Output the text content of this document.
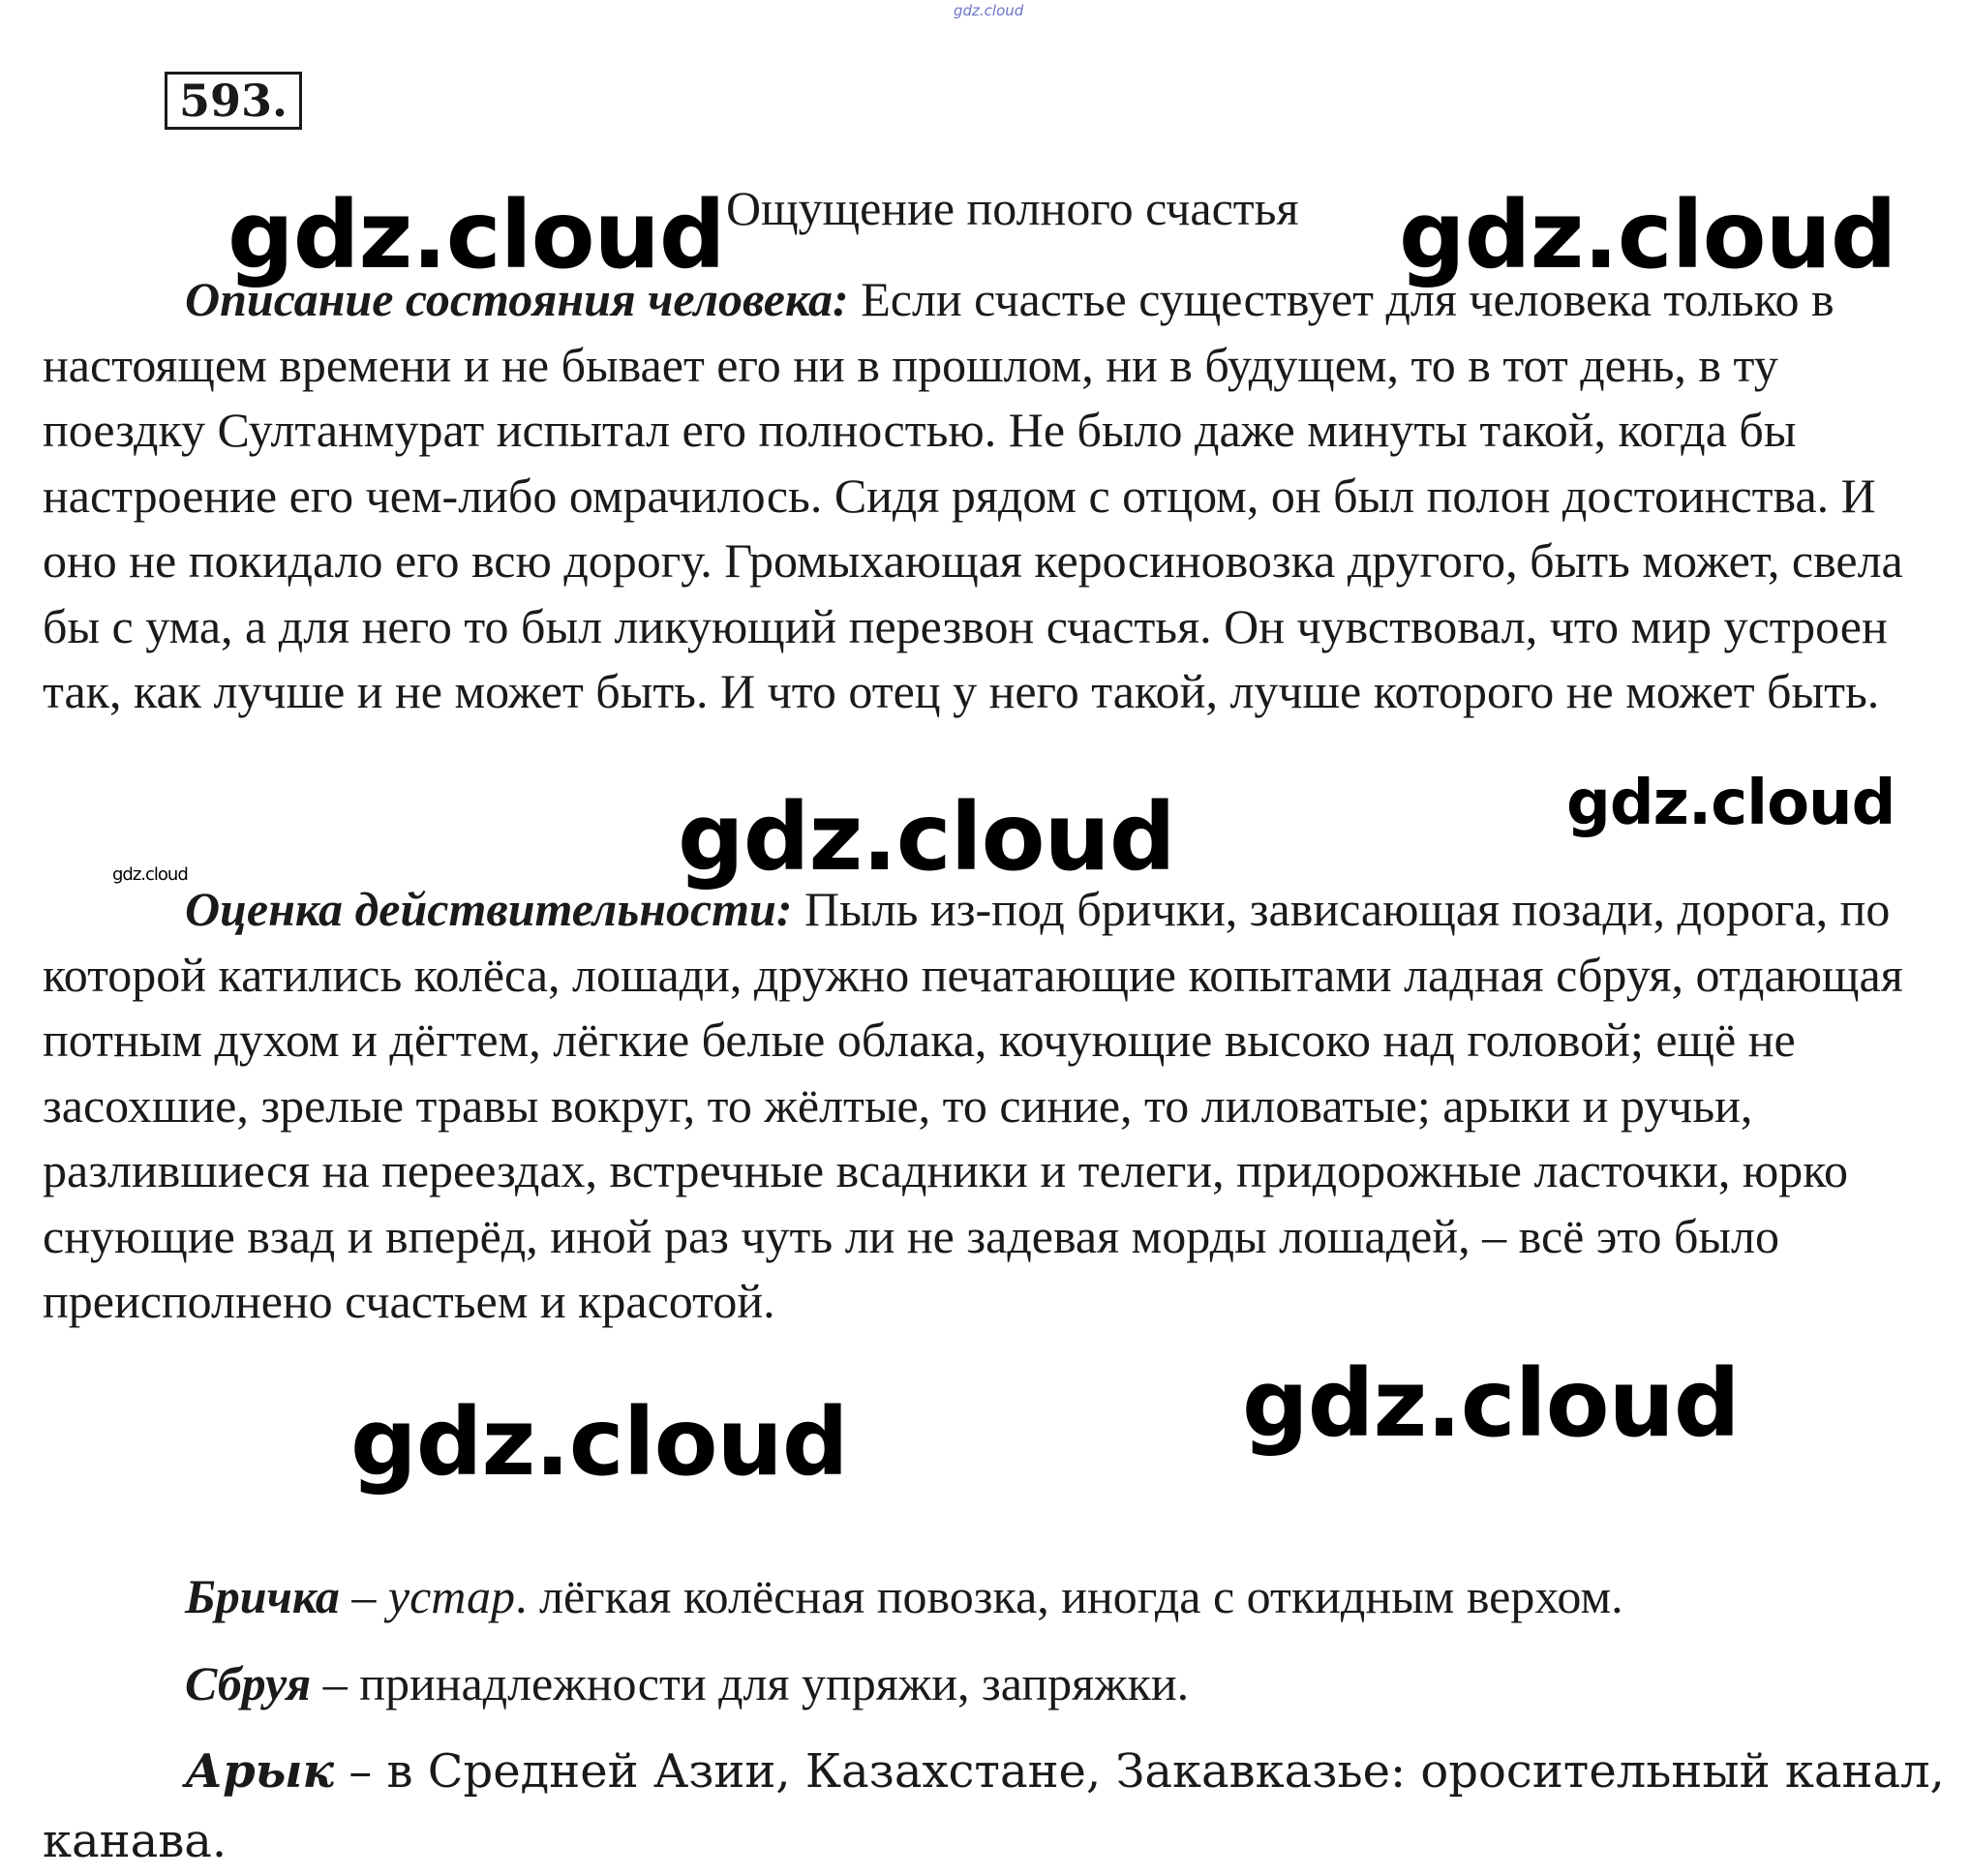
gdz.cloud
593.
Ощущение полного счастья

Описание состояния человека: Если счастье существует для человека только в настоящем времени и не бывает его ни в прошлом, ни в будущем, то в тот день, в ту поездку Султанмурат испытал его полностью. Не было даже минуты такой, когда бы настроение его чем-либо омрачилось. Сидя рядом с отцом, он был полон достоинства. И оно не покидало его всю дорогу. Громыхающая керосиновозка другого, быть может, свела бы с ума, а для него то был ликующий перезвон счастья. Он чувствовал, что мир устроен так, как лучше и не может быть. И что отец у него такой, лучше которого не может быть.

Оценка действительности: Пыль из-под брички, зависающая позади, дорога, по которой катились колёса, лошади, дружно печатающие копытами ладная сбруя, отдающая потным духом и дёгтем, лёгкие белые облака, кочующие высоко над головой; ещё не засохшие, зрелые травы вокруг, то жёлтые, то синие, то лиловатые; арыки и ручьи, разлившиеся на переездах, встречные всадники и телеги, придорожные ласточки, юрко снующие взад и вперёд, иной раз чуть ли не задевая морды лошадей, – всё это было преисполнено счастьем и красотой.

Бричка – устар. лёгкая колёсная повозка, иногда с откидным верхом.

Сбруя – принадлежности для упряжи, запряжки.

Арык – в Средней Азии, Казахстане, Закавказье: оросительный канал, канава.

gdz.cloud	gdz.cloud
gdz.cloud
gdz.cloud
gdz.cloud
gdz.cloud
gdz.cloud
